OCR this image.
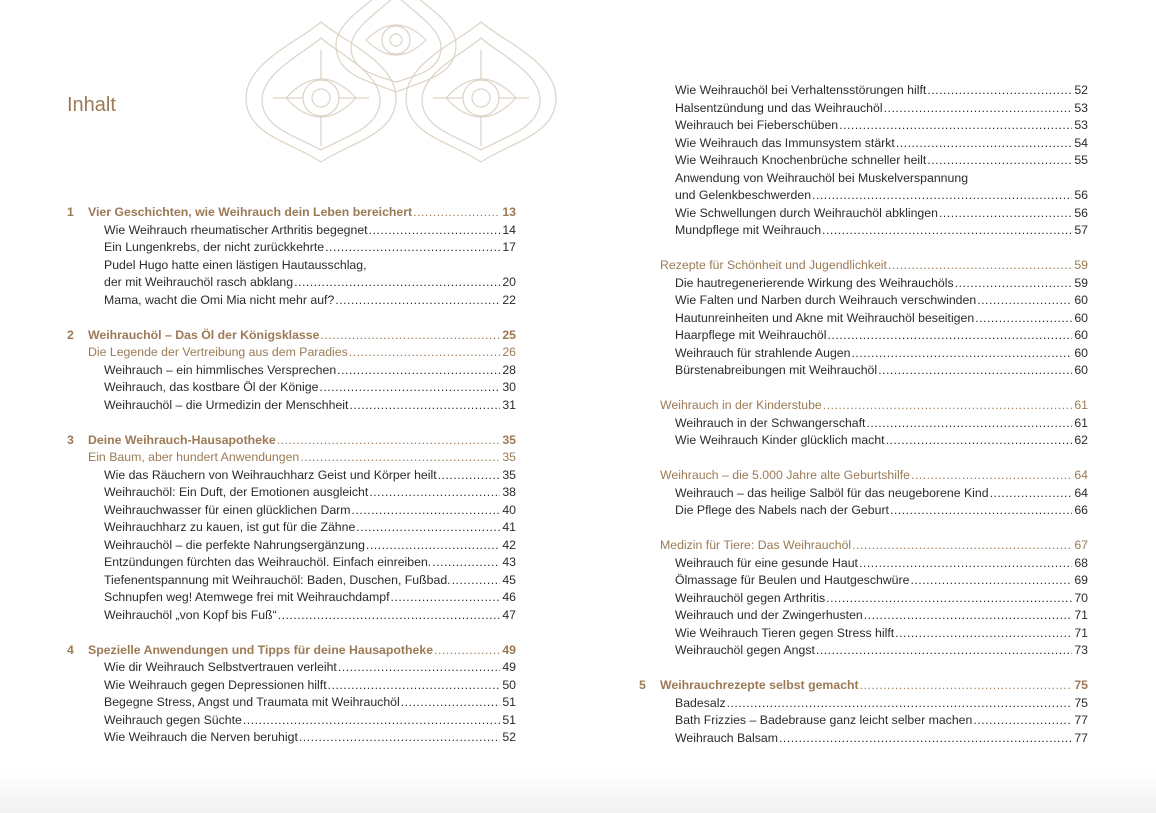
Inhalt
1 Vier Geschichten, wie Weihrauch dein Leben bereichert .....	13
Wie Weihrauch rheumatischer Arthritis begegnet .....	14
Ein Lungenkrebs, der nicht zurückkehrte .....	17
Pudel Hugo hatte einen lästigen Hautausschlag,
der mit Weihrauchöl rasch abklang .....	20
Mama, wacht die Omi Mia nicht mehr auf? .....	22
2 Weihrauchöl – Das Öl der Königsklasse .....	25
Die Legende der Vertreibung aus dem Paradies .....	26
Weihrauch – ein himmlisches Versprechen .....	28
Weihrauch, das kostbare Öl der Könige .....	30
Weihrauchöl – die Urmedizin der Menschheit .....	31
3 Deine Weihrauch-Hausapotheke .....	35
Ein Baum, aber hundert Anwendungen .....	35
Wie das Räuchern von Weihrauchharz Geist und Körper heilt .....	35
Weihrauchöl: Ein Duft, der Emotionen ausgleicht .....	38
Weihrauchwasser für einen glücklichen Darm .....	40
Weihrauchharz zu kauen, ist gut für die Zähne .....	41
Weihrauchöl – die perfekte Nahrungsergänzung .....	42
Entzündungen fürchten das Weihrauchöl. Einfach einreiben. .....	43
Tiefenentspannung mit Weihrauchöl: Baden, Duschen, Fußbad. .....	45
Schnupfen weg! Atemwege frei mit Weihrauchdampf .....	46
Weihrauchöl „von Kopf bis Fuß“ .....	47
4 Spezielle Anwendungen und Tipps für deine Hausapotheke .....	49
Wie dir Weihrauch Selbstvertrauen verleiht .....	49
Wie Weihrauch gegen Depressionen hilft .....	50
Begegne Stress, Angst und Traumata mit Weihrauchöl .....	51
Weihrauch gegen Süchte .....	51
Wie Weihrauch die Nerven beruhigt .....	52
Wie Weihrauchöl bei Verhaltensstörungen hilft .....	52
Halsentzündung und das Weihrauchöl .....	53
Weihrauch bei Fieberschüben .....	53
Wie Weihrauch das Immunsystem stärkt .....	54
Wie Weihrauch Knochenbrüche schneller heilt .....	55
Anwendung von Weihrauchöl bei Muskelverspannung
und Gelenkbeschwerden .....	56
Wie Schwellungen durch Weihrauchöl abklingen .....	56
Mundpflege mit Weihrauch .....	57
Rezepte für Schönheit und Jugendlichkeit .....	59
Die hautregenerierende Wirkung des Weihrauchöls .....	59
Wie Falten und Narben durch Weihrauch verschwinden .....	60
Hautunreinheiten und Akne mit Weihrauchöl beseitigen .....	60
Haarpflege mit Weihrauchöl .....	60
Weihrauch für strahlende Augen .....	60
Bürstenabreibungen mit Weihrauchöl .....	60
Weihrauch in der Kinderstube .....	61
Weihrauch in der Schwangerschaft .....	61
Wie Weihrauch Kinder glücklich macht .....	62
Weihrauch – die 5.000 Jahre alte Geburtshilfe .....	64
Weihrauch – das heilige Salböl für das neugeborene Kind .....	64
Die Pflege des Nabels nach der Geburt .....	66
Medizin für Tiere: Das Weihrauchöl .....	67
Weihrauch für eine gesunde Haut .....	68
Ölmassage für Beulen und Hautgeschwüre .....	69
Weihrauchöl gegen Arthritis .....	70
Weihrauch und der Zwingerhusten .....	71
Wie Weihrauch Tieren gegen Stress hilft .....	71
Weihrauchöl gegen Angst .....	73
5 Weihrauchrezepte selbst gemacht .....	75
Badesalz .....	75
Bath Frizzies – Badebrause ganz leicht selber machen .....	77
Weihrauch Balsam .....	77
